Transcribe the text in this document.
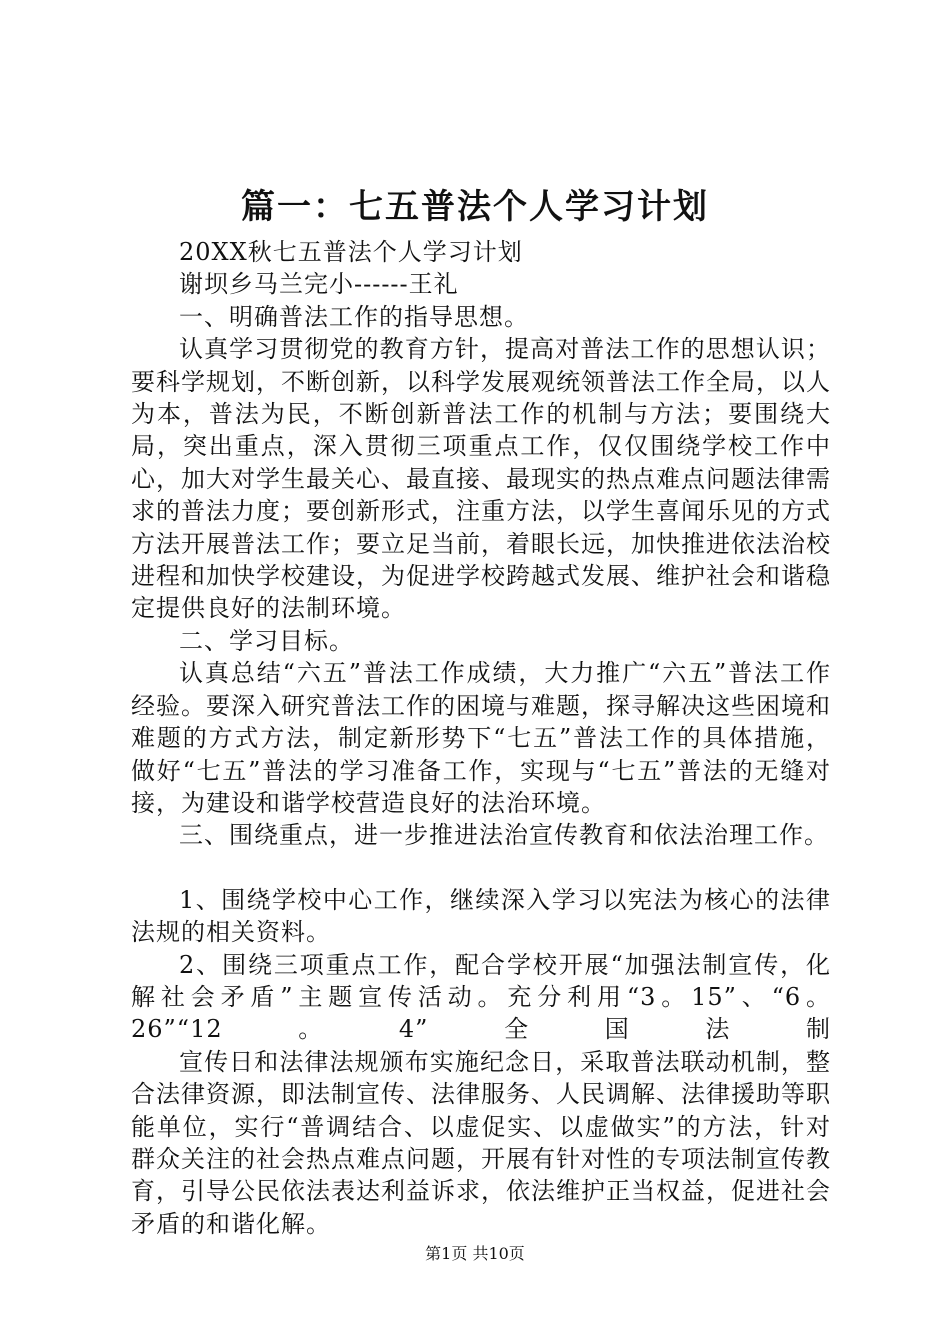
篇一：七五普法个人学习计划

20XX秋七五普法个人学习计划

谢坝乡马兰完小------王礼

一、明确普法工作的指导思想。

认真学习贯彻党的教育方针，提高对普法工作的思想认识；要科学规划，不断创新，以科学发展观统领普法工作全局，以人为本，普法为民，不断创新普法工作的机制与方法；要围绕大局，突出重点，深入贯彻三项重点工作，仅仅围绕学校工作中心，加大对学生最关心、最直接、最现实的热点难点问题法律需求的普法力度；要创新形式，注重方法，以学生喜闻乐见的方式方法开展普法工作；要立足当前，着眼长远，加快推进依法治校进程和加快学校建设，为促进学校跨越式发展、维护社会和谐稳定提供良好的法制环境。

二、学习目标。

认真总结“六五”普法工作成绩，大力推广“六五”普法工作经验。要深入研究普法工作的困境与难题，探寻解决这些困境和难题的方式方法，制定新形势下“七五”普法工作的具体措施，做好“七五”普法的学习准备工作，实现与“七五”普法的无缝对接，为建设和谐学校营造良好的法治环境。

三、围绕重点，进一步推进法治宣传教育和依法治理工作。

1、围绕学校中心工作，继续深入学习以宪法为核心的法律法规的相关资料。

2、围绕三项重点工作，配合学校开展“加强法制宣传，化解社会矛盾”主题宣传活动。充分利用“3。15”、“6。26”“12。4”全国法制

宣传日和法律法规颁布实施纪念日，采取普法联动机制，整合法律资源，即法制宣传、法律服务、人民调解、法律援助等职能单位，实行“普调结合、以虚促实、以虚做实”的方法，针对群众关注的社会热点难点问题，开展有针对性的专项法制宣传教育，引导公民依法表达利益诉求，依法维护正当权益，促进社会矛盾的和谐化解。

第1页 共10页
